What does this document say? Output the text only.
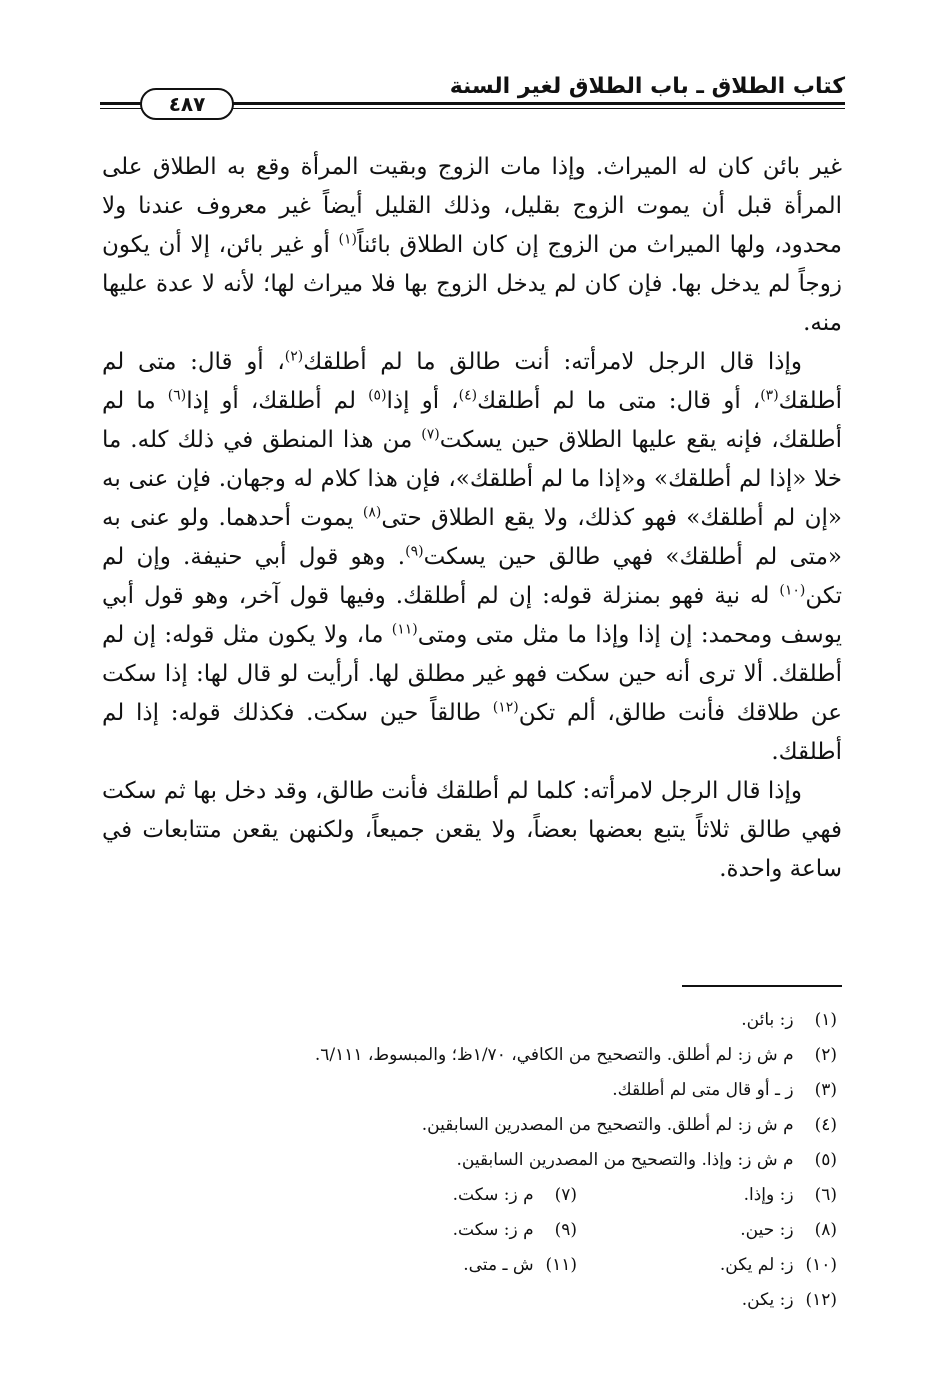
كتاب الطلاق ـ باب الطلاق لغير السنة
٤٨٧

غير بائن كان له الميراث. وإذا مات الزوج وبقيت المرأة وقع به الطلاق على المرأة قبل أن يموت الزوج بقليل، وذلك القليل أيضاً غير معروف عندنا ولا محدود، ولها الميراث من الزوج إن كان الطلاق بائناً$^{(١)}$ أو غير بائن، إلا أن يكون زوجاً لم يدخل بها. فإن كان لم يدخل الزوج بها فلا ميراث لها؛ لأنه لا عدة عليها منه.

وإذا قال الرجل لامرأته: أنت طالق ما لم أطلقك$^{(٢)}$، أو قال: متى لم أطلقك$^{(٣)}$، أو قال: متى ما لم أطلقك$^{(٤)}$، أو إذا$^{(٥)}$ لم أطلقك، أو إذا$^{(٦)}$ ما لم أطلقك، فإنه يقع عليها الطلاق حين يسكت$^{(٧)}$ من هذا المنطق في ذلك كله. ما خلا «إذا لم أطلقك» و«إذا ما لم أطلقك»، فإن هذا كلام له وجهان. فإن عنى به «إن لم أطلقك» فهو كذلك، ولا يقع الطلاق حتى$^{(٨)}$ يموت أحدهما. ولو عنى به «متى لم أطلقك» فهي طالق حين يسكت$^{(٩)}$. وهو قول أبي حنيفة. وإن لم تكن$^{(١٠)}$ له نية فهو بمنزلة قوله: إن لم أطلقك. وفيها قول آخر، وهو قول أبي يوسف ومحمد: إن إذا وإذا ما مثل متى ومتى$^{(١١)}$ ما، ولا يكون مثل قوله: إن لم أطلقك. ألا ترى أنه حين سكت فهو غير مطلق لها. أرأيت لو قال لها: إذا سكت عن طلاقك فأنت طالق، ألم تكن$^{(١٢)}$ طالقاً حين سكت. فكذلك قوله: إذا لم أطلقك.

وإذا قال الرجل لامرأته: كلما لم أطلقك فأنت طالق، وقد دخل بها ثم سكت فهي طالق ثلاثاً يتبع بعضها بعضاً، ولا يقعن جميعاً، ولكنهن يقعن متتابعات في ساعة واحدة.

(١) ز: بائن.
(٢) م ش ز: لم أطلق. والتصحيح من الكافي، ١/٧٠ظ؛ والمبسوط، ٦/١١١.
(٣) ز ـ أو قال متى لم أطلقك.
(٤) م ش ز: لم أطلق. والتصحيح من المصدرين السابقين.
(٥) م ش ز: وإذا. والتصحيح من المصدرين السابقين.
(٦) ز: وإذا.
(٧) م ز: سكت.
(٨) ز: حين.
(٩) م ز: سكت.
(١٠) ز: لم يكن.
(١١) ش ـ متى.
(١٢) ز: يكن.
